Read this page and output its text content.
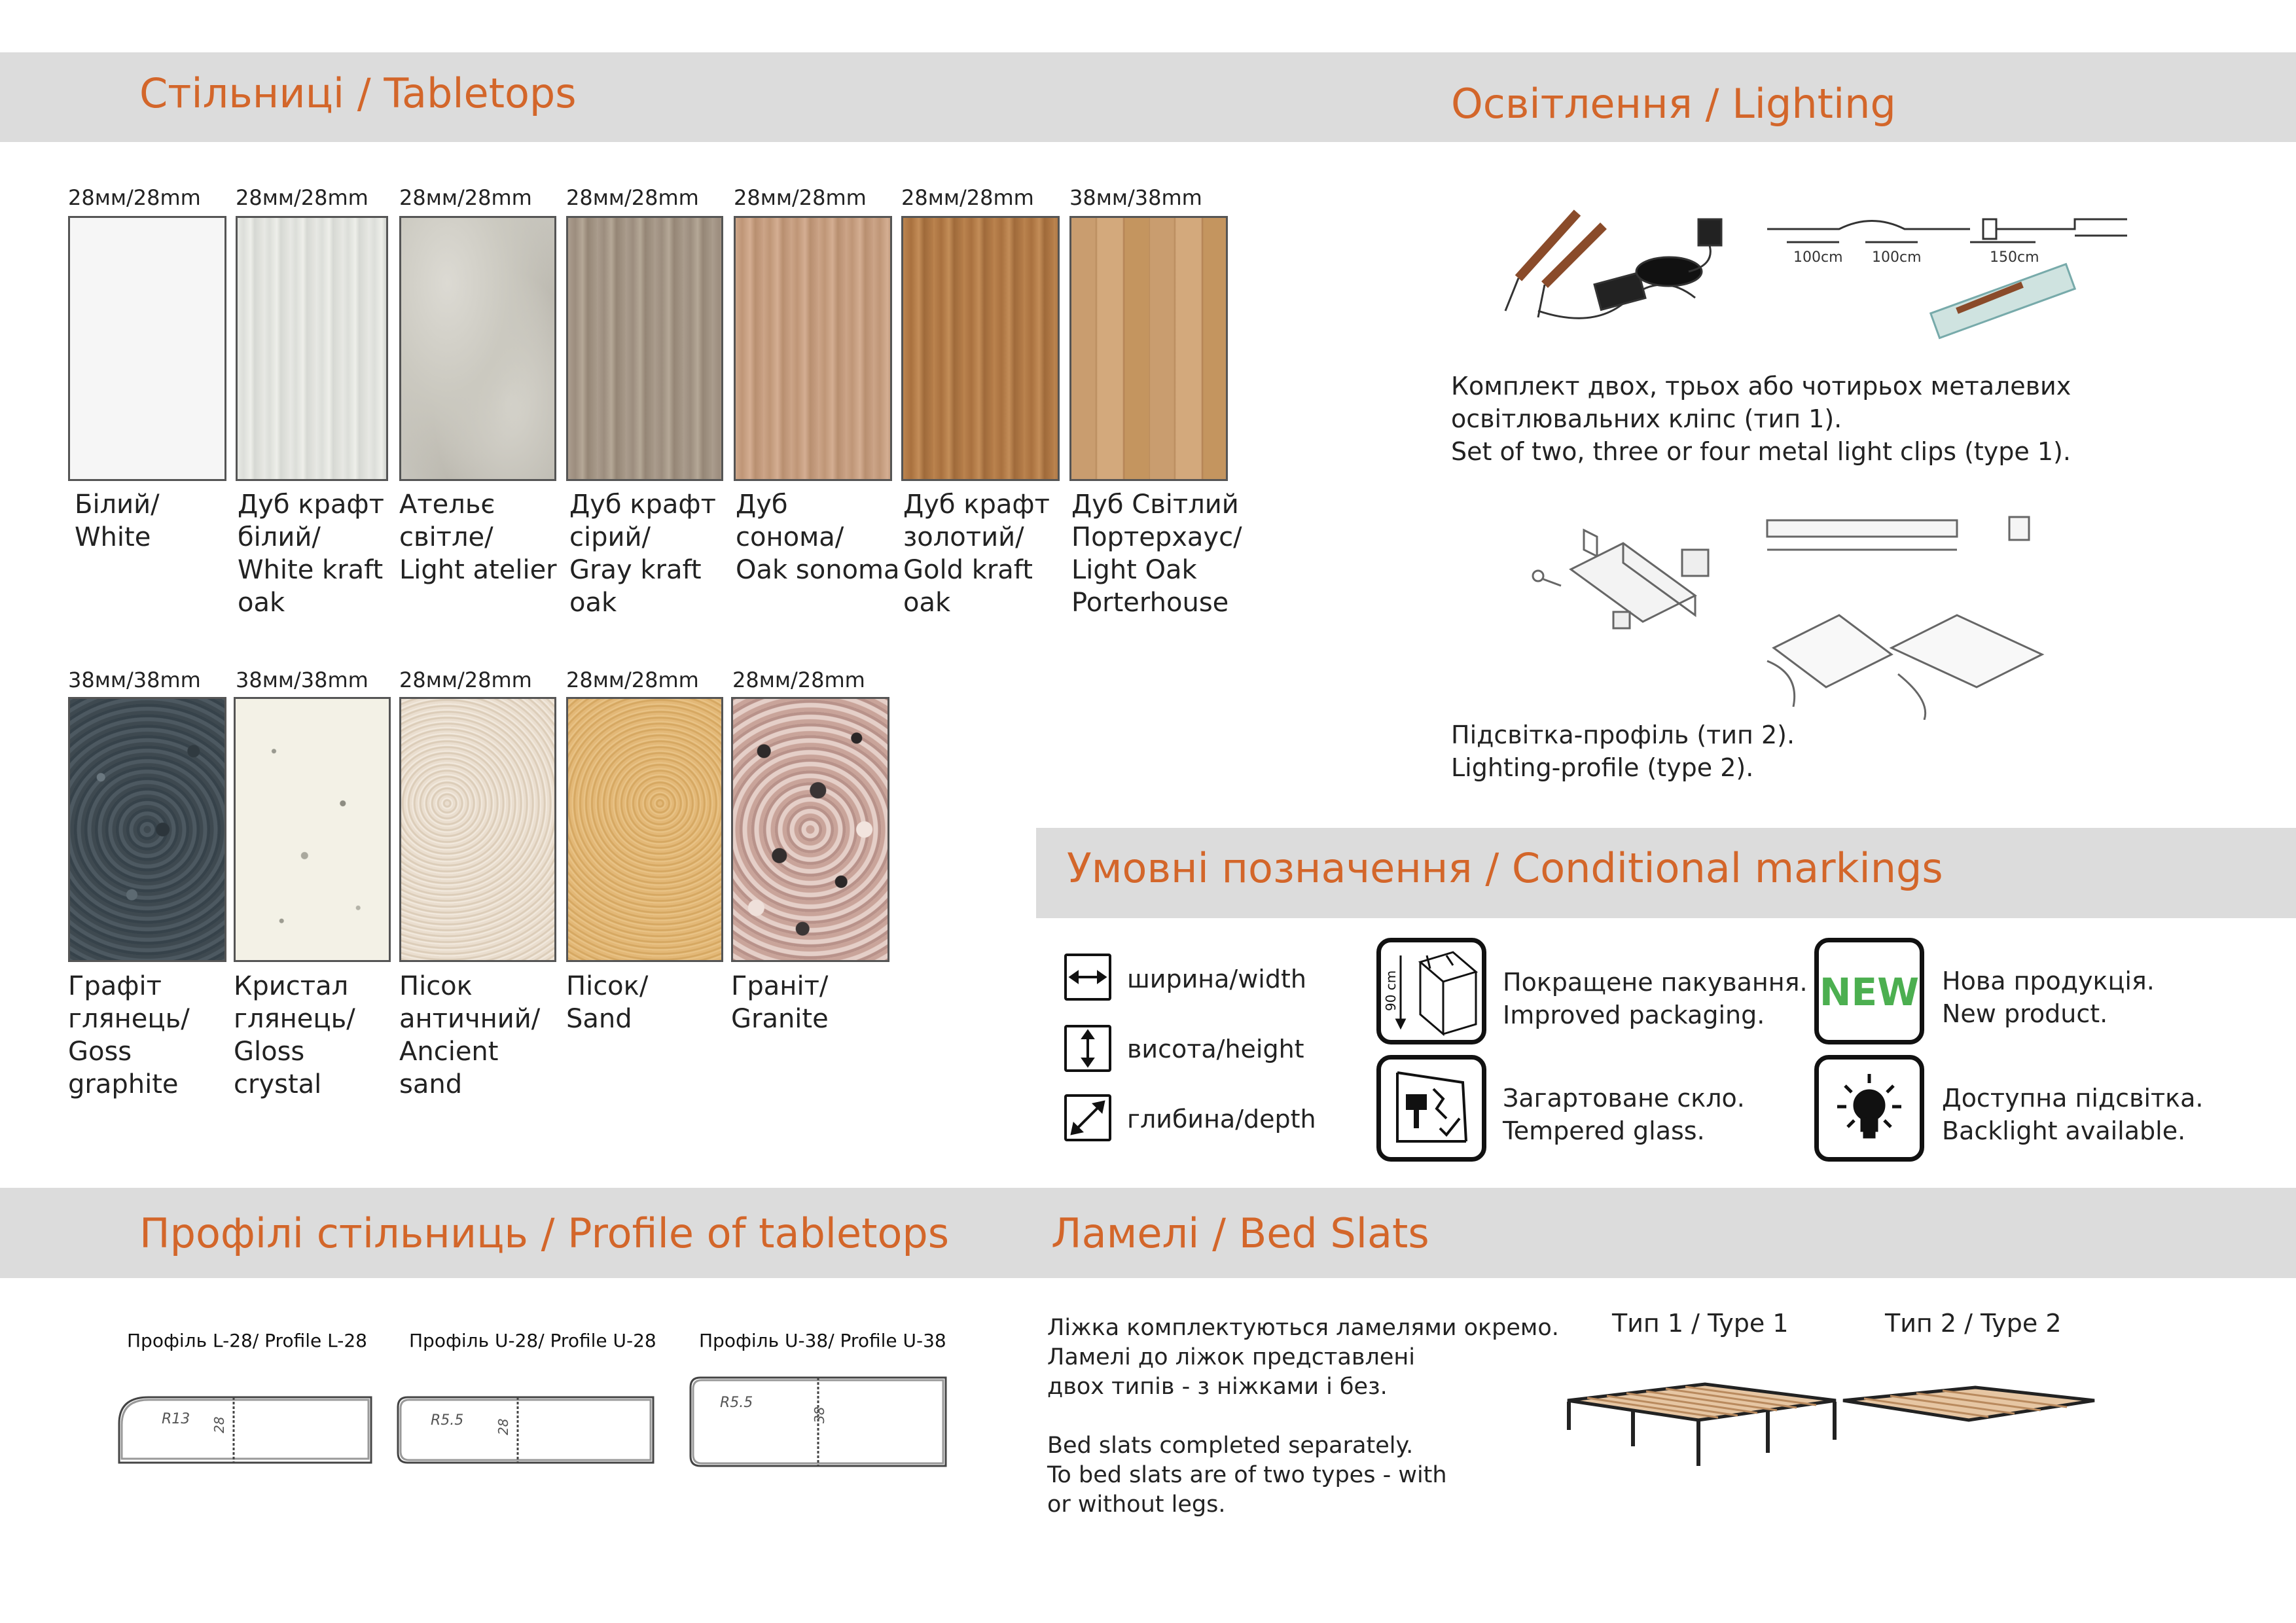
Стільниці / Tabletops	Освітлення / Lighting
Умовні позначення / Conditional markings
Профілі стільниць / Profile of tabletops	Ламелі / Bed Slats
28мм/28mm
Білий/
White
28мм/28mm
Дуб крафт
білий/
White kraft
oak
28мм/28mm
Ательє
світле/
Light atelier
28мм/28mm
Дуб крафт
сірий/
Gray kraft
oak
28мм/28mm
Дуб
сонома/
Oak sonoma
28мм/28mm
Дуб крафт
золотий/
Gold kraft
oak
38мм/38mm
Дуб Світлий
Портерхаус/
Light Oak
Porterhouse
38мм/38mm
Графіт
глянець/
Goss
graphite
38мм/38mm
Кристал
глянець/
Gloss
crystal
28мм/28mm
Пісок
античний/
Ancient
sand
28мм/28mm
Пісок/
Sand
28мм/28mm
Граніт/
Granite
100cm 100cm	150cm
Комплект двох, трьох або чотирьох металевих
освітлювальних кліпс (тип 1).
Set of two, three or four metal light clips (type 1).
Підсвітка-профіль (тип 2).
Lighting-profile (type 2).
ширина/width
висота/height
глибина/depth
90 cm	Покращене пакування.
Improved packaging.
Загартоване скло.
Tempered glass.
NEW Нова продукція.
New product.
Доступна підсвітка.
Backlight available.
Профіль L-28/ Profile L-28
R13 28
Профіль U-28/ Profile U-28
R5.5 28
Профіль U-38/ Profile U-38
R5.5
38
Ліжка комплектуються ламелями окремо.
Ламелі до ліжок представлені
двох типів - з ніжками і без.

Bed slats completed separately.
To bed slats are of two types - with
or without legs.
Тип 1 / Type 1	Тип 2 / Type 2
